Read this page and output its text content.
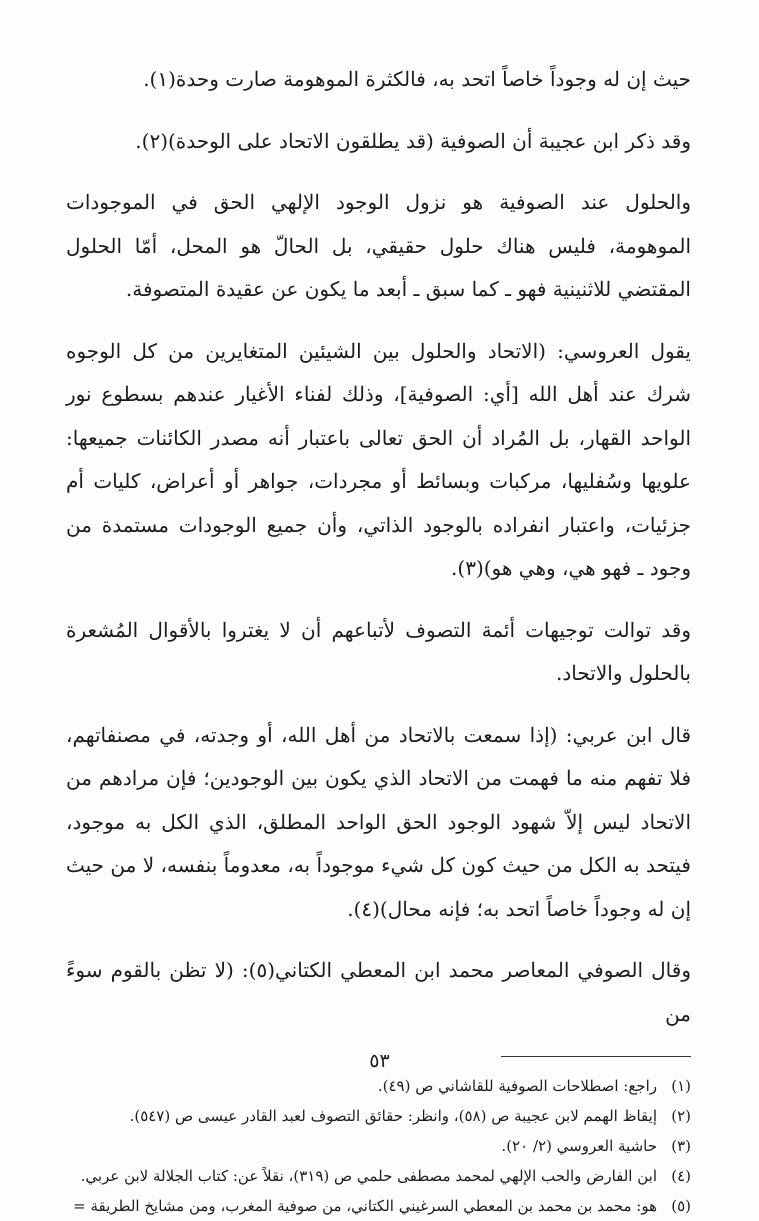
حيث إن له وجوداً خاصاً اتحد به، فالكثرة الموهومة صارت وحدة(١).

وقد ذكر ابن عجيبة أن الصوفية (قد يطلقون الاتحاد على الوحدة)(٢).

والحلول عند الصوفية هو نزول الوجود الإلهي الحق في الموجودات الموهومة، فليس هناك حلول حقيقي، بل الحالّ هو المحل، أمّا الحلول المقتضي للاثنينية فهو ـ كما سبق ـ أبعد ما يكون عن عقيدة المتصوفة.

يقول العروسي: (الاتحاد والحلول بين الشيئين المتغايرين من كل الوجوه شرك عند أهل الله [أي: الصوفية]، وذلك لفناء الأغيار عندهم بسطوع نور الواحد القهار، بل المُراد أن الحق تعالى باعتبار أنه مصدر الكائنات جميعها: علويها وسُفليها، مركبات وبسائط أو مجردات، جواهر أو أعراض، كليات أم جزئيات، واعتبار انفراده بالوجود الذاتي، وأن جميع الوجودات مستمدة من وجود ـ فهو هي، وهي هو)(٣).

وقد توالت توجيهات أئمة التصوف لأتباعهم أن لا يغتروا بالأقوال المُشعرة بالحلول والاتحاد.

قال ابن عربي: (إذا سمعت بالاتحاد من أهل الله، أو وجدته، في مصنفاتهم، فلا تفهم منه ما فهمت من الاتحاد الذي يكون بين الوجودين؛ فإن مرادهم من الاتحاد ليس إلاّ شهود الوجود الحق الواحد المطلق، الذي الكل به موجود، فيتحد به الكل من حيث كون كل شيء موجوداً به، معدوماً بنفسه، لا من حيث إن له وجوداً خاصاً اتحد به؛ فإنه محال)(٤).

وقال الصوفي المعاصر محمد ابن المعطي الكتاني(٥): (لا تظن بالقوم سوءً من

(١)
راجع: اصطلاحات الصوفية للقاشاني ص (٤٩).
(٢)
إيقاظ الهمم لابن عجيبة ص (٥٨)، وانظر: حقائق التصوف لعبد القادر عيسى ص (٥٤٧).
(٣)
حاشية العروسي (٢/ ٢٠).
(٤)
ابن الفارض والحب الإلهي لمحمد مصطفى حلمي ص (٣١٩)، نقلاً عن: كتاب الجلالة لابن عربي.
(٥)
هو: محمد بن محمد بن المعطي السرغيني الكتاني، من صوفية المغرب، ومن مشايخ الطريقة =
٥٣
